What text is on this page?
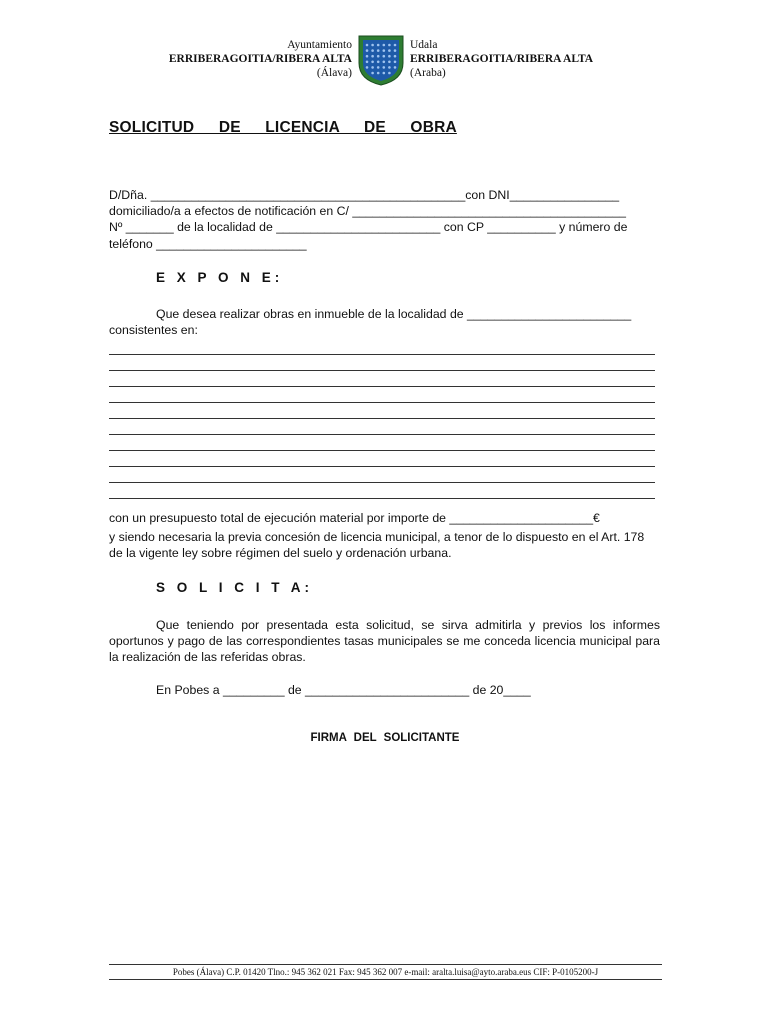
Ayuntamiento
ERRIBERAGOITIA/RIBERA ALTA
(Álava)
Udala
ERRIBERAGOITIA/RIBERA ALTA
(Araba)
SOLICITUD DE LICENCIA DE OBRA
D/Dña. ______________________________________________con DNI________________
domiciliado/a a efectos de notificación en C/ ________________________________________
Nº _______ de la localidad de ________________________ con CP __________ y número de
teléfono ______________________
E X P O N E:
Que desea realizar obras en inmueble de la localidad de ________________________
consistentes en:
con un presupuesto total de ejecución material por importe de _____________________€
y siendo necesaria la previa concesión de licencia municipal, a tenor de lo dispuesto en el Art. 178 de la vigente ley sobre régimen del suelo y ordenación urbana.
S O L I C I T A:
Que teniendo por presentada esta solicitud, se sirva admitirla y previos los informes oportunos y pago de las correspondientes tasas municipales se me conceda licencia municipal para la realización de las referidas obras.
En Pobes a _________ de ________________________ de 20____
FIRMA DEL SOLICITANTE
Pobes (Álava) C.P. 01420 Tlno.: 945 362 021 Fax: 945 362 007 e-mail: aralta.luisa@ayto.araba.eus CIF: P-0105200-J
